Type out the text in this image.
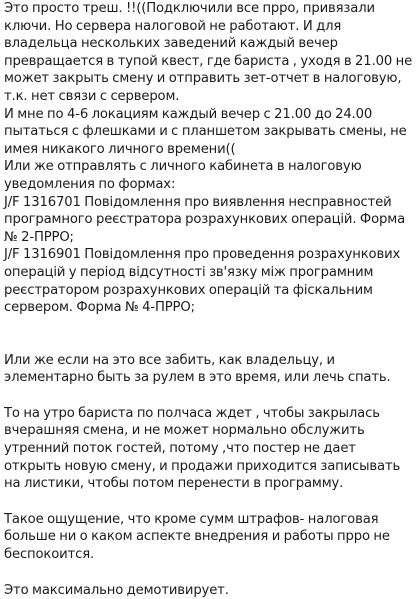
Это просто треш. !!((Подключили все прро, привязали ключи. Но сервера налоговой не работают. И для владельца нескольких заведений каждый вечер превращается в тупой квест, где бариста , уходя в 21.00 не может закрыть смену и отправить зет-отчет в налоговую, т.к. нет связи с сервером.

И мне по 4-6 локациям каждый вечер с 21.00 до 24.00 пытаться с флешками и с планшетом закрывать смены, не имея никакого личного времени((

Или же отправлять с личного кабинета в налоговую уведомления по формах:

J/F 1316701 Повідомлення про виявлення несправностей програмного реєстратора розрахункових операцій. Форма № 2-ПРРО;

J/F 1316901 Повідомлення про проведення розрахункових операцій у період відсутності зв'язку між програмним реєстратором розрахункових операцій та фіскальним сервером. Форма № 4-ПРРО;

Или же если на это все забить, как владельцу, и элементарно быть за рулем в это время, или лечь спать.

То на утро бариста по полчаса ждет , чтобы закрылась вчерашняя смена, и не может нормально обслужить утренний поток гостей, потому ,что постер не дает открыть новую смену, и продажи приходится записывать на листики, чтобы потом перенести в программу.

Такое ощущение, что кроме сумм штрафов- налоговая больше ни о каком аспекте внедрения и работы прро не беспокоится.

Это максимально демотивирует.
